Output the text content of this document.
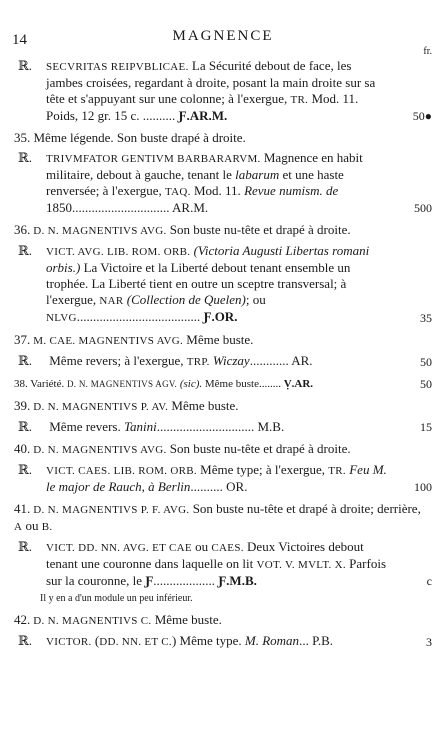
14	MAGNENCE
fr.
ℝ. SECVRITAS REIPVBLICAE. La Sécurité debout de face, les jambes croisées, regardant à droite, posant la main droite sur sa tête et s'appuyant sur une colonne; à l'exergue, TR. Mod. 11. Poids, 12 gr. 15 c. .......... Ƒ.AR.M.	50●
35. Même légende. Son buste drapé à droite.
ℝ. TRIVMFATOR GENTIVM BARBARARVM. Magnence en habit militaire, debout à gauche, tenant le labarum et une haste renversée; à l'exergue, TAQ. Mod. 11. Revue numism. de 1850.............................. AR.M.	500
36. D. N. MAGNENTIVS AVG. Son buste nu-tête et drapé à droite.
ℝ. VICT. AVG. LIB. ROM. ORB. (Victoria Augusti Libertas romani orbis.) La Victoire et la Liberté debout tenant ensemble un trophée. La Liberté tient en outre un sceptre transversal; à l'exergue, NAR (Collection de Quelen); ou NLVG...................................... Ƒ.OR.	35
37. M. CAE. MAGNENTIVS AVG. Même buste.
ℝ. Même revers; à l'exergue, TRP. Wiczay............ AR.	50
38. Variété. D. N. MAGNENTIVS AGV. (sic). Même buste........ Ṿ.AR.	50
39. D. N. MAGNENTIVS P. AV. Même buste.
ℝ. Même revers. Tanini.............................. M.B.	15
40. D. N. MAGNENTIVS AVG. Son buste nu-tête et drapé à droite.
ℝ. VICT. CAES. LIB. ROM. ORB. Même type; à l'exergue, TR. Feu M. le major de Rauch, à Berlin.......... OR.	100
41. D. N. MAGNENTIVS P. F. AVG. Son buste nu-tête et drapé à droite; derrière, A ou B.
ℝ. VICT. DD. NN. AVG. ET CAE ou CAES. Deux Victoires debout tenant une couronne dans laquelle on lit VOT. V. MVLT. X. Parfois sur la couronne, le Ƒ................... Ƒ.M.B.	c
Il y en a d'un module un peu inférieur.
42. D. N. MAGNENTIVS C. Même buste.
ℝ. VICTOR. (DD. NN. ET C.) Même type. M. Roman... P.B.	3
